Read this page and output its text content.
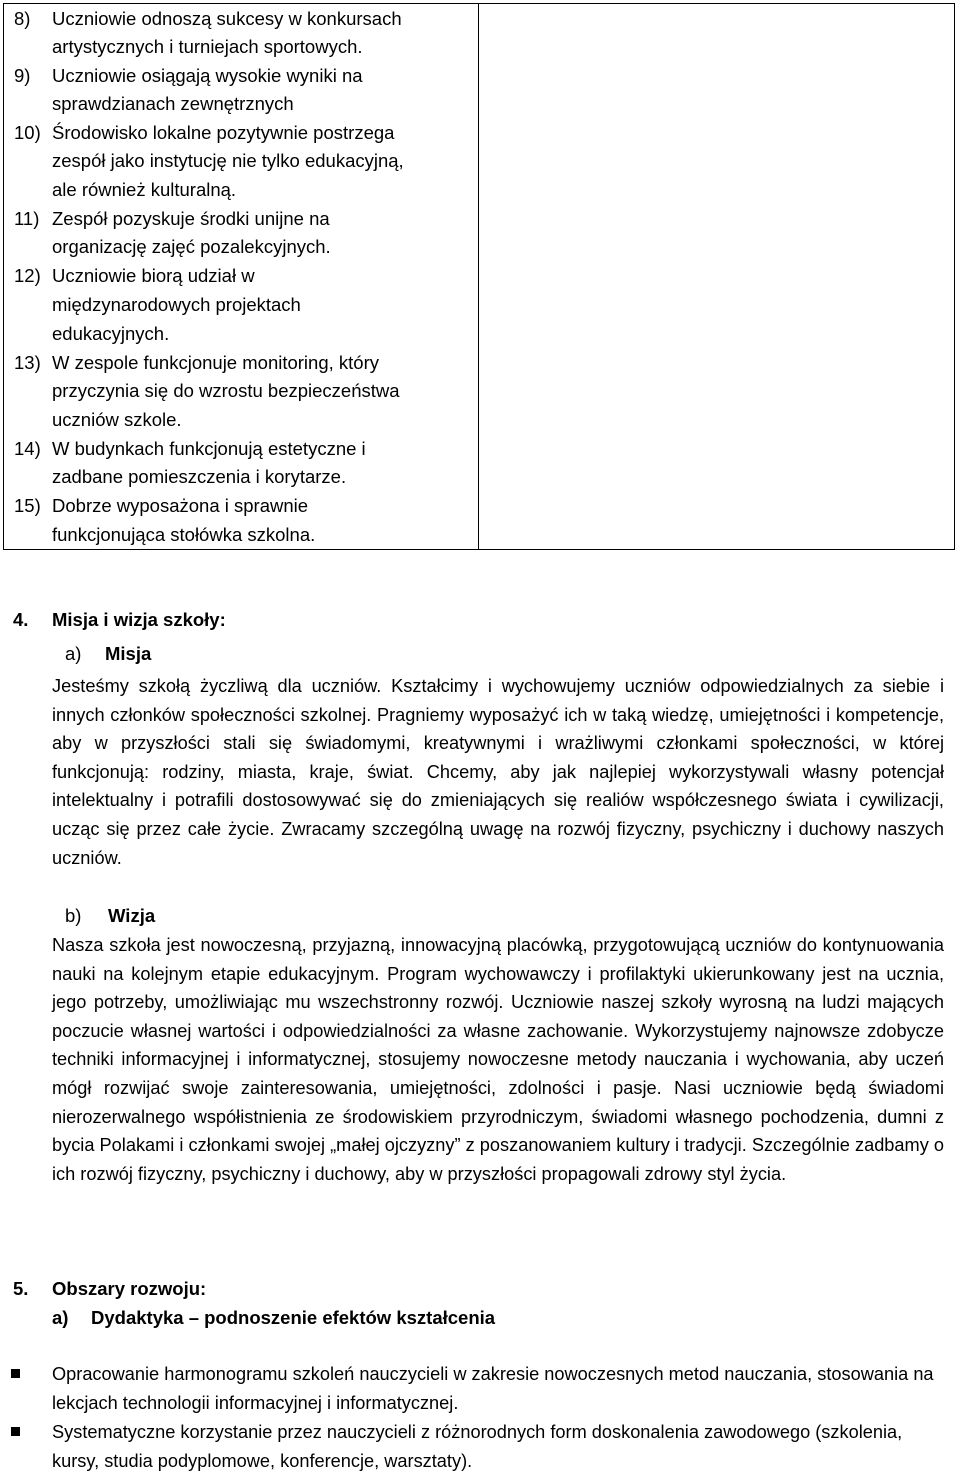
8) Uczniowie odnoszą sukcesy w konkursach
artystycznych i turniejach sportowych.
9) Uczniowie osiągają wysokie wyniki na
sprawdzianach zewnętrznych
10) Środowisko lokalne pozytywnie postrzega
zespół jako instytucję nie tylko edukacyjną,
ale również kulturalną.
11) Zespół pozyskuje środki unijne na
organizację zajęć pozalekcyjnych.
12) Uczniowie biorą udział w
międzynarodowych projektach
edukacyjnych.
13) W zespole funkcjonuje monitoring, który
przyczynia się do wzrostu bezpieczeństwa
uczniów szkole.
14) W budynkach funkcjonują estetyczne i
zadbane pomieszczenia i korytarze.
15) Dobrze wyposażona i sprawnie
funkcjonująca stołówka szkolna.
4. Misja i wizja szkoły:
a) Misja

Jesteśmy szkołą życzliwą dla uczniów. Kształcimy i wychowujemy uczniów odpowiedzialnych za siebie i innych członków społeczności szkolnej. Pragniemy wyposażyć ich w taką wiedzę, umiejętności i kompetencje, aby w przyszłości stali się świadomymi, kreatywnymi i wrażliwymi członkami społeczności, w której funkcjonują: rodziny, miasta, kraje, świat. Chcemy, aby jak najlepiej wykorzystywali własny potencjał intelektualny i potrafili dostosowywać się do zmieniających się realiów współczesnego świata i cywilizacji, ucząc się przez całe życie. Zwracamy szczególną uwagę na rozwój fizyczny, psychiczny i duchowy naszych uczniów.

b) Wizja

Nasza szkoła jest nowoczesną, przyjazną, innowacyjną placówką, przygotowującą uczniów do kontynuowania nauki na kolejnym etapie edukacyjnym. Program wychowawczy i profilaktyki ukierunkowany jest na ucznia, jego potrzeby, umożliwiając mu wszechstronny rozwój. Uczniowie naszej szkoły wyrosną na ludzi mających poczucie własnej wartości i odpowiedzialności za własne zachowanie. Wykorzystujemy najnowsze zdobycze techniki informacyjnej i informatycznej, stosujemy nowoczesne metody nauczania i wychowania, aby uczeń mógł rozwijać swoje zainteresowania, umiejętności, zdolności i pasje. Nasi uczniowie będą świadomi nierozerwalnego współistnienia ze środowiskiem przyrodniczym, świadomi własnego pochodzenia, dumni z bycia Polakami i członkami swojej „małej ojczyzny” z poszanowaniem kultury i tradycji. Szczególnie zadbamy o ich rozwój fizyczny, psychiczny i duchowy, aby w przyszłości propagowali zdrowy styl życia.

5. Obszary rozwoju:
a) Dydaktyka – podnoszenie efektów kształcenia

Opracowanie harmonogramu szkoleń nauczycieli w zakresie nowoczesnych metod nauczania, stosowania na lekcjach technologii informacyjnej i informatycznej.

Systematyczne korzystanie przez nauczycieli z różnorodnych form doskonalenia zawodowego (szkolenia, kursy, studia podyplomowe, konferencje, warsztaty).
